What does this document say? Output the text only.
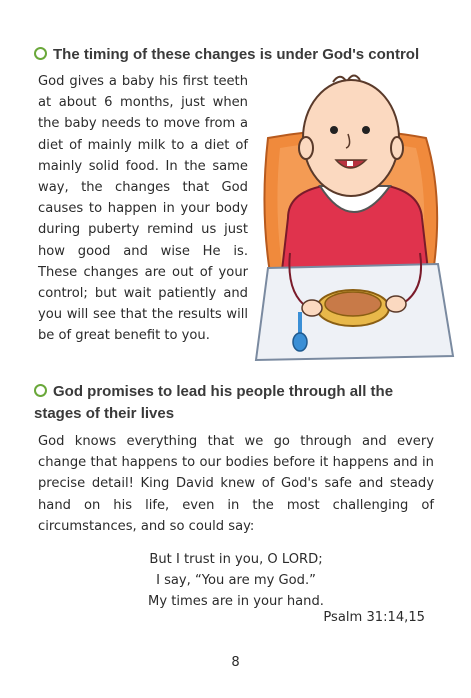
The timing of these changes is under God's control
God gives a baby his first teeth at about 6 months, just when the baby needs to move from a diet of mainly milk to a diet of mainly solid food. In the same way, the changes that God causes to happen in your body during puberty remind us just how good and wise He is. These changes are out of your control; but wait patiently and you will see that the results will be of great benefit to you.
God promises to lead his people through all the
stages of their lives
God knows everything that we go through and every change that happens to our bodies before it happens and in precise detail! King David knew of God's safe and steady hand on his life, even in the most challenging of circumstances, and so could say:
But I trust in you, O LORD;
I say, “You are my God.”
My times are in your hand.
Psalm 31:14,15
8
